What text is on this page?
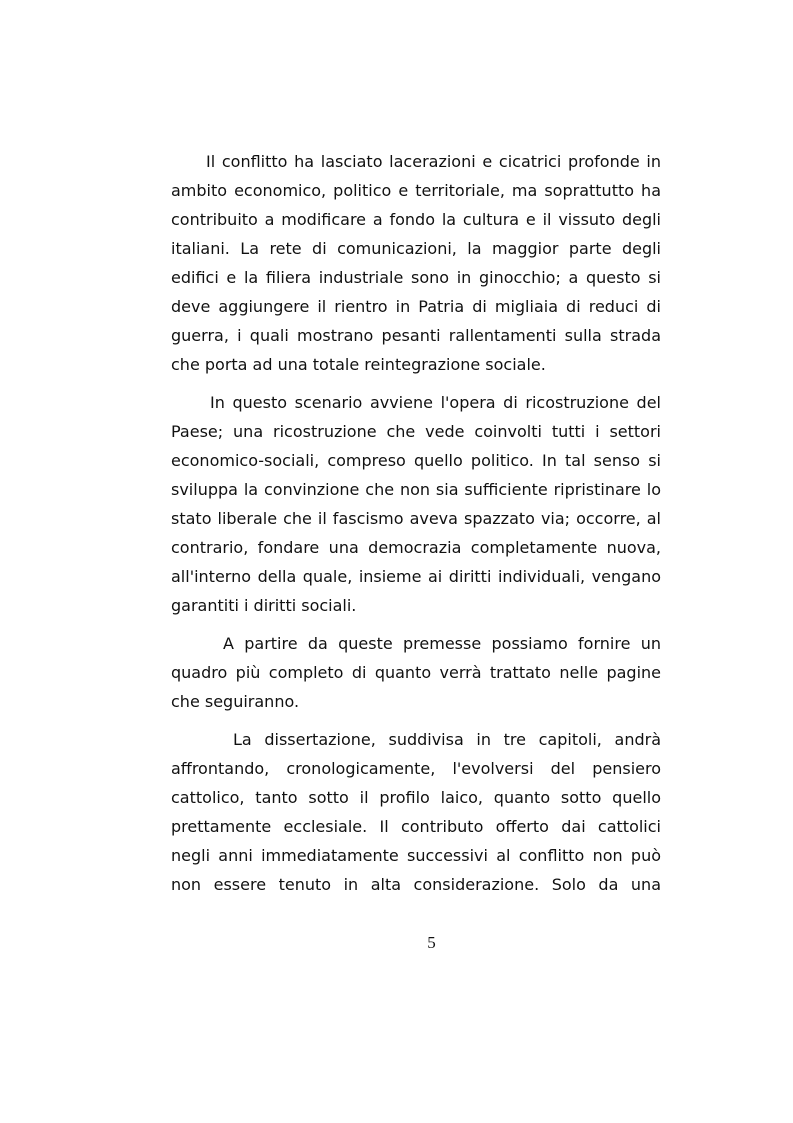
Il conflitto ha lasciato lacerazioni e cicatrici profonde in ambito economico, politico e territoriale, ma soprattutto ha contribuito a modificare a fondo la cultura e il vissuto degli italiani. La rete di comunicazioni, la maggior parte degli edifici e la filiera industriale sono in ginocchio; a questo si deve aggiungere il rientro in Patria di migliaia di reduci di guerra, i quali mostrano pesanti rallentamenti sulla strada che porta ad una totale reintegrazione sociale.

In questo scenario avviene l'opera di ricostruzione del Paese; una ricostruzione che vede coinvolti tutti i settori economico-sociali, compreso quello politico. In tal senso si sviluppa la convinzione che non sia sufficiente ripristinare lo stato liberale che il fascismo aveva spazzato via; occorre, al contrario, fondare una democrazia completamente nuova, all'interno della quale, insieme ai diritti individuali, vengano garantiti i diritti sociali.

A partire da queste premesse possiamo fornire un quadro più completo di quanto verrà trattato nelle pagine che seguiranno.

La dissertazione, suddivisa in tre capitoli, andrà affrontando, cronologicamente, l'evolversi del pensiero cattolico, tanto sotto il profilo laico, quanto sotto quello prettamente ecclesiale. Il contributo offerto dai cattolici negli anni immediatamente successivi al conflitto non può non essere tenuto in alta considerazione. Solo da una

5
